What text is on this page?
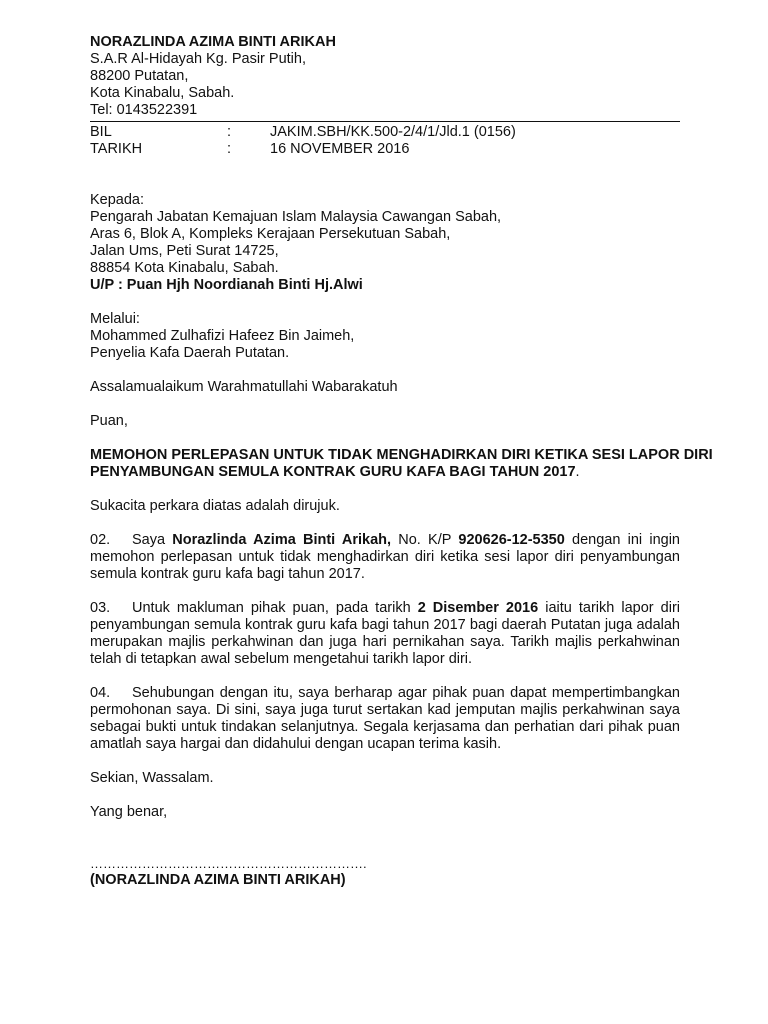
NORAZLINDA AZIMA BINTI ARIKAH
S.A.R Al-Hidayah Kg. Pasir Putih,
88200 Putatan,
Kota Kinabalu, Sabah.
Tel: 0143522391
BIL	:	JAKIM.SBH/KK.500-2/4/1/Jld.1 (0156)
TARIKH	:	16 NOVEMBER 2016
Kepada:
Pengarah Jabatan Kemajuan Islam Malaysia Cawangan Sabah,
Aras 6, Blok A, Kompleks Kerajaan Persekutuan Sabah,
Jalan Ums, Peti Surat 14725,
88854 Kota Kinabalu, Sabah.
U/P : Puan Hjh Noordianah Binti Hj.Alwi
Melalui:
Mohammed Zulhafizi Hafeez Bin Jaimeh,
Penyelia Kafa Daerah Putatan.
Assalamualaikum Warahmatullahi Wabarakatuh
Puan,
MEMOHON PERLEPASAN UNTUK TIDAK MENGHADIRKAN DIRI KETIKA SESI LAPOR DIRI
PENYAMBUNGAN SEMULA KONTRAK GURU KAFA BAGI TAHUN 2017.
Sukacita perkara diatas adalah dirujuk.
02. Saya Norazlinda Azima Binti Arikah, No. K/P 920626-12-5350 dengan ini ingin memohon perlepasan untuk tidak menghadirkan diri ketika sesi lapor diri penyambungan semula kontrak guru kafa bagi tahun 2017.
03. Untuk makluman pihak puan, pada tarikh 2 Disember 2016 iaitu tarikh lapor diri penyambungan semula kontrak guru kafa bagi tahun 2017 bagi daerah Putatan juga adalah merupakan majlis perkahwinan dan juga hari pernikahan saya. Tarikh majlis perkahwinan telah di tetapkan awal sebelum mengetahui tarikh lapor diri.
04. Sehubungan dengan itu, saya berharap agar pihak puan dapat mempertimbangkan permohonan saya. Di sini, saya juga turut sertakan kad jemputan majlis perkahwinan saya sebagai bukti untuk tindakan selanjutnya. Segala kerjasama dan perhatian dari pihak puan amatlah saya hargai dan didahului dengan ucapan terima kasih.
Sekian, Wassalam.
Yang benar,
……………………………………………………….
(NORAZLINDA AZIMA BINTI ARIKAH)
